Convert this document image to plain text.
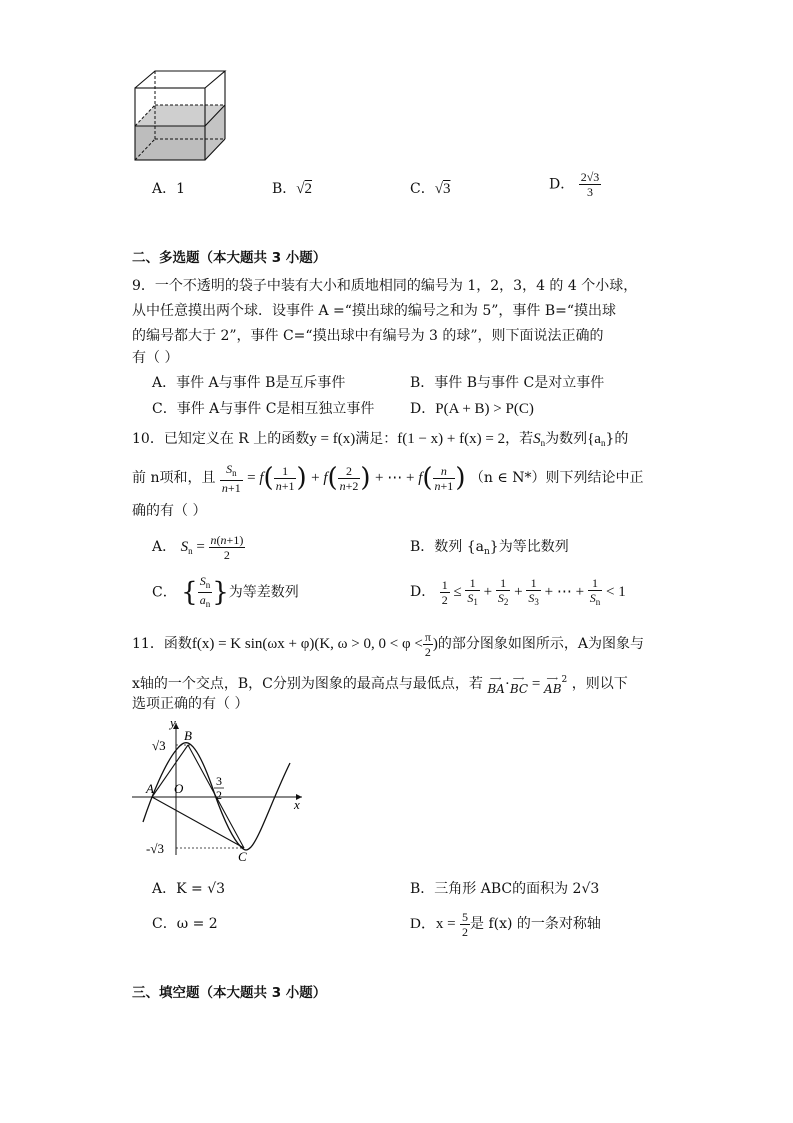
A．1	B．√2	C．√3	D． $\frac{2√3}{3}$
二、多选题（本大题共 3 小题）
9．一个不透明的袋子中装有大小和质地相同的编号为 1，2，3，4 的 4 个小球，
从中任意摸出两个球．设事件 A =“摸出球的编号之和为 5”，事件 B=“摸出球
的编号都大于 2”，事件 C=“摸出球中有编号为 3 的球”，则下面说法正确的
有（ ）
A．事件 A与事件 B是互斥事件	B．事件 B与事件 C是对立事件
C．事件 A与事件 C是相互独立事件	D．P(A + B) > P(C)
10．已知定义在 R 上的函数y = f(x)满足：f(1 − x) + f(x) = 2，若$S_n$为数列$\{a_n\}$的
前 n项和，且 $\frac{S_n}{n+1} = f( \frac{1}{n+1}$ ) + $f( \frac{2}{n+2}$ ) + ⋯ + $f( \frac{n}{n+1}$ ) （n ∈ N*）则下列结论中正
确的有（ ）
A． $S_n = \frac{n(n+1)}{2}$	B．数列 $\{a_n\}$为等比数列
C． { $\frac{S_n}{a_n}$ }为等差数列	D． $\frac{1}{2} \le \frac{1}{S_1} + \frac{1}{S_2} + \frac{1}{S_3}$ + ⋯ + $\frac{1}{S_n} < 1$
11．函数f(x) = K sin(ωx + φ)(K, ω > 0, $0 < \varphi < \frac{\pi}{2}$ )的部分图象如图所示，A为图象与
x轴的一个交点，B，C分别为图象的最高点与最低点，若 ⟶
BA· ⟶
BC = ⟶
$AB^2$ ，则以下
选项正确的有（ ）
y
x
O
A
B
C
√3
-√3
3
2
A．K = √3	B．三角形 ABC的面积为 2√3
C．ω = 2	D．$x = \frac{5}{2}$ 是 f(x) 的一条对称轴
三、填空题（本大题共 3 小题）
